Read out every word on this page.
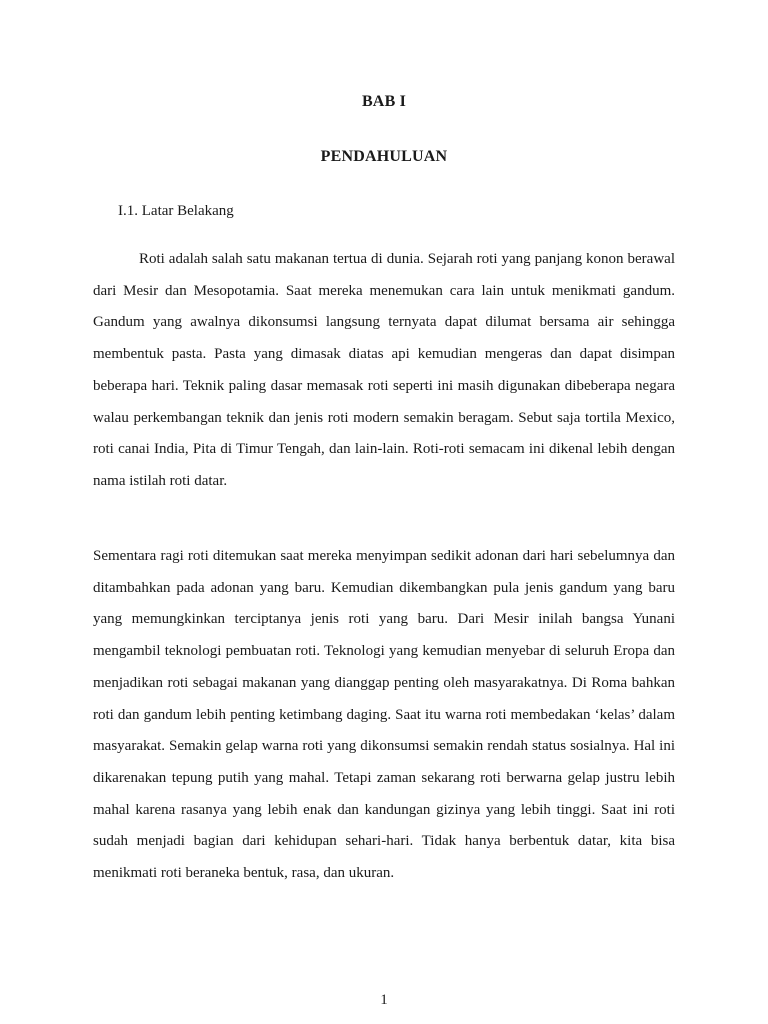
BAB I
PENDAHULUAN
I.1. Latar Belakang

Roti adalah salah satu makanan tertua di dunia. Sejarah roti yang panjang konon berawal dari Mesir dan Mesopotamia. Saat mereka menemukan cara lain untuk menikmati gandum. Gandum yang awalnya dikonsumsi langsung ternyata dapat dilumat bersama air sehingga membentuk pasta. Pasta yang dimasak diatas api kemudian mengeras dan dapat disimpan beberapa hari. Teknik paling dasar memasak roti seperti ini masih digunakan dibeberapa negara walau perkembangan teknik dan jenis roti modern semakin beragam. Sebut saja tortila Mexico, roti canai India, Pita di Timur Tengah, dan lain-lain. Roti-roti semacam ini dikenal lebih dengan nama istilah roti datar.

Sementara ragi roti ditemukan saat mereka menyimpan sedikit adonan dari hari sebelumnya dan ditambahkan pada adonan yang baru. Kemudian dikembangkan pula jenis gandum yang baru yang memungkinkan terciptanya jenis roti yang baru. Dari Mesir inilah bangsa Yunani mengambil teknologi pembuatan roti. Teknologi yang kemudian menyebar di seluruh Eropa dan menjadikan roti sebagai makanan yang dianggap penting oleh masyarakatnya. Di Roma bahkan roti dan gandum lebih penting ketimbang daging. Saat itu warna roti membedakan ‘kelas’ dalam masyarakat. Semakin gelap warna roti yang dikonsumsi semakin rendah status sosialnya. Hal ini dikarenakan tepung putih yang mahal. Tetapi zaman sekarang roti berwarna gelap justru lebih mahal karena rasanya yang lebih enak dan kandungan gizinya yang lebih tinggi. Saat ini roti sudah menjadi bagian dari kehidupan sehari-hari. Tidak hanya berbentuk datar, kita bisa menikmati roti beraneka bentuk, rasa, dan ukuran.

1
